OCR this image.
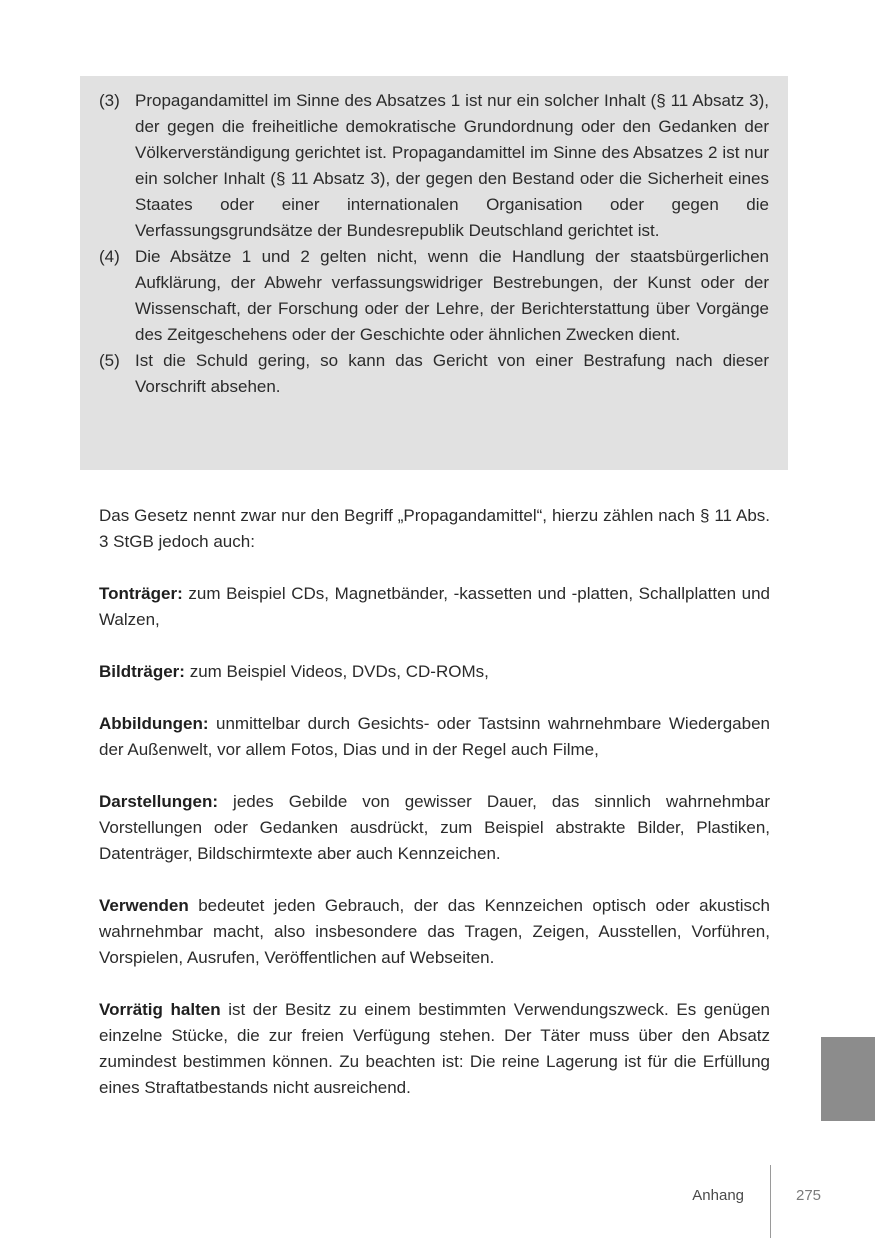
(3) Propagandamittel im Sinne des Absatzes 1 ist nur ein solcher Inhalt (§ 11 Absatz 3), der gegen die freiheitliche demokratische Grundordnung oder den Gedanken der Völkerverständigung gerichtet ist. Propagandamittel im Sinne des Absatzes 2 ist nur ein solcher Inhalt (§ 11 Absatz 3), der gegen den Bestand oder die Sicherheit eines Staates oder einer internationalen Organisation oder gegen die Verfassungsgrundsätze der Bundesrepublik Deutschland gerichtet ist.
(4) Die Absätze 1 und 2 gelten nicht, wenn die Handlung der staatsbürgerlichen Aufklärung, der Abwehr verfassungswidriger Bestrebungen, der Kunst oder der Wissenschaft, der Forschung oder der Lehre, der Berichterstattung über Vorgänge des Zeitgeschehens oder der Geschichte oder ähnlichen Zwecken dient.
(5) Ist die Schuld gering, so kann das Gericht von einer Bestrafung nach dieser Vorschrift absehen.

Das Gesetz nennt zwar nur den Begriff „Propagandamittel“, hierzu zählen nach § 11 Abs. 3 StGB jedoch auch:

Tonträger: zum Beispiel CDs, Magnetbänder, -kassetten und -platten, Schallplatten und Walzen,

Bildträger: zum Beispiel Videos, DVDs, CD-ROMs,

Abbildungen: unmittelbar durch Gesichts- oder Tastsinn wahrnehmbare Wiedergaben der Außenwelt, vor allem Fotos, Dias und in der Regel auch Filme,

Darstellungen: jedes Gebilde von gewisser Dauer, das sinnlich wahrnehmbar Vorstellungen oder Gedanken ausdrückt, zum Beispiel abstrakte Bilder, Plastiken, Datenträger, Bildschirmtexte aber auch Kennzeichen.

Verwenden bedeutet jeden Gebrauch, der das Kennzeichen optisch oder akustisch wahrnehmbar macht, also insbesondere das Tragen, Zeigen, Ausstellen, Vorführen, Vorspielen, Ausrufen, Veröffentlichen auf Webseiten.

Vorrätig halten ist der Besitz zu einem bestimmten Verwendungszweck. Es genügen einzelne Stücke, die zur freien Verfügung stehen. Der Täter muss über den Absatz zumindest bestimmen können. Zu beachten ist: Die reine Lagerung ist für die Erfüllung eines Straftatbestands nicht ausreichend.

Anhang	275
